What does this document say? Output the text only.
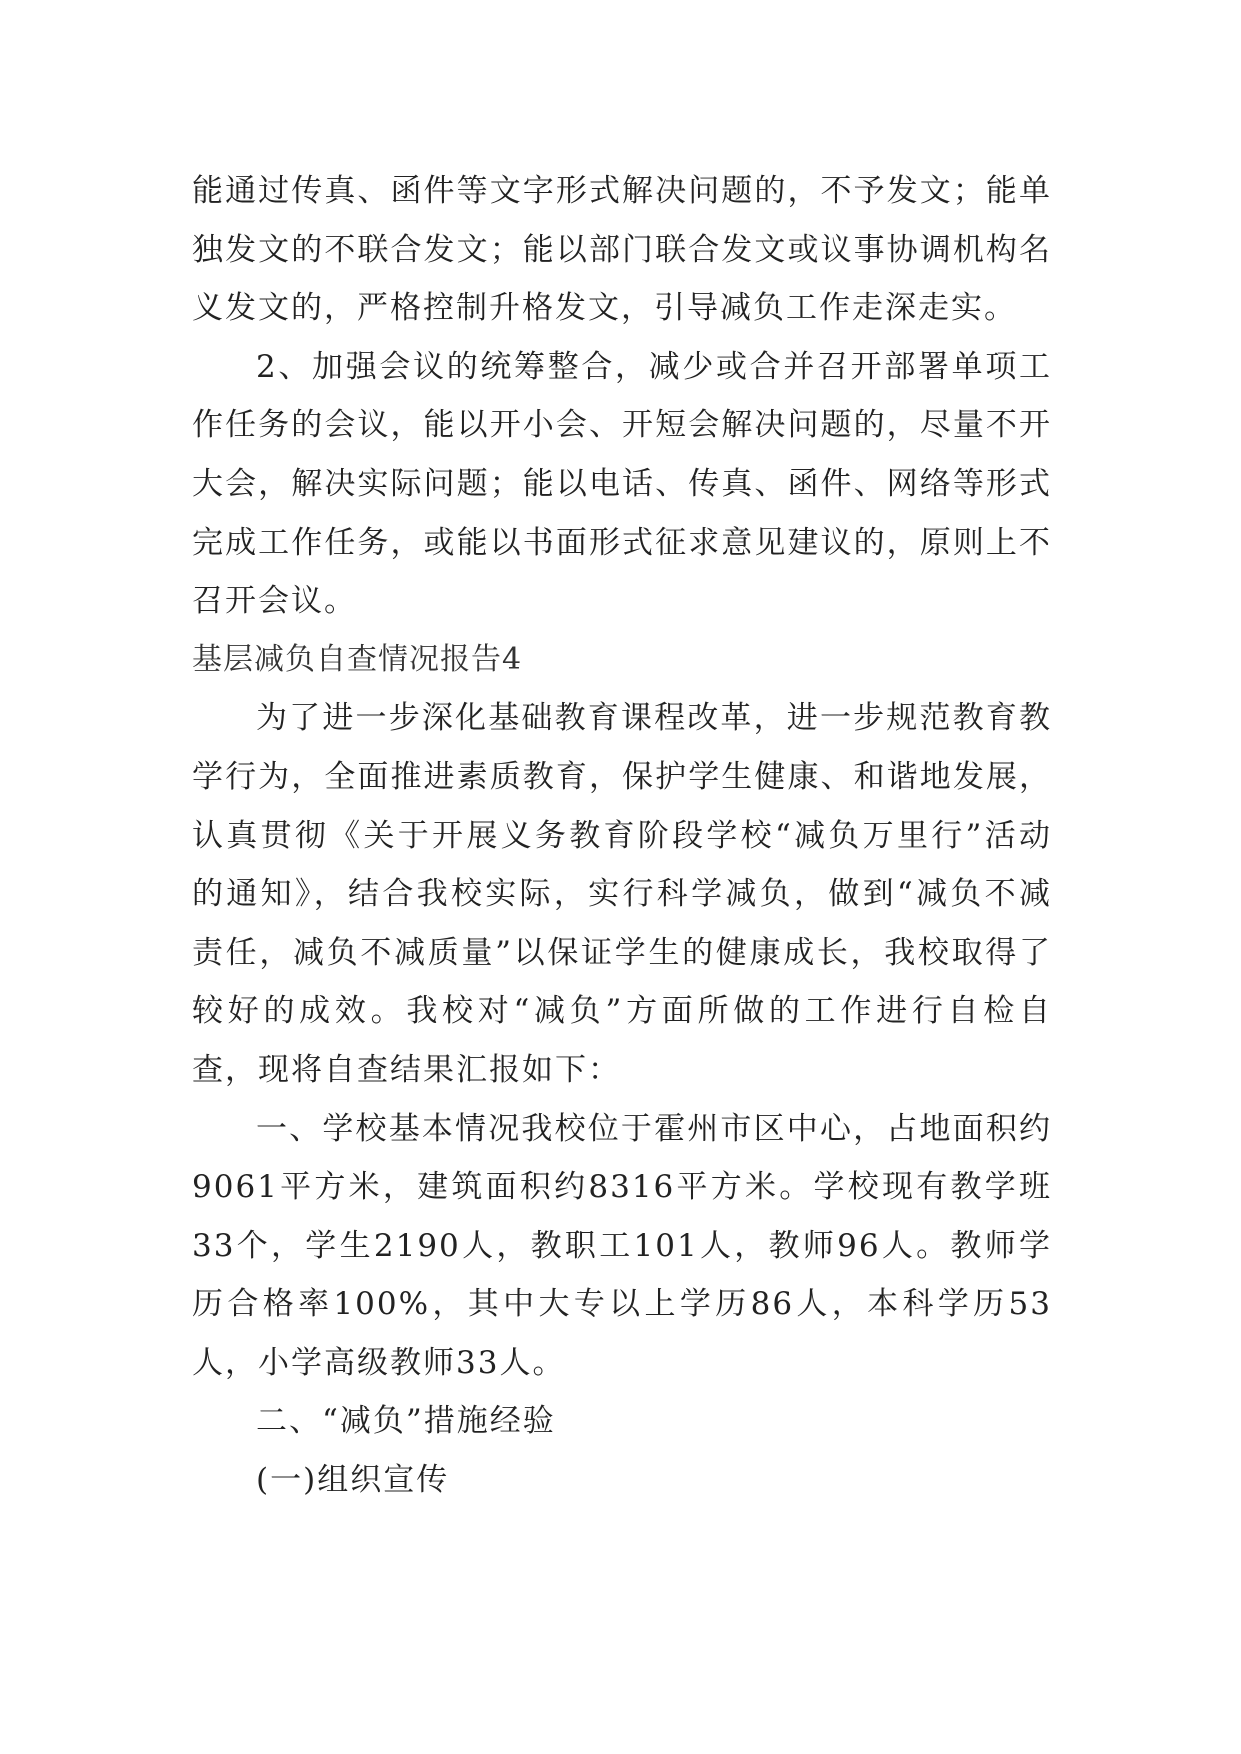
能通过传真、函件等文字形式解决问题的，不予发文；能单独发文的不联合发文；能以部门联合发文或议事协调机构名义发文的，严格控制升格发文，引导减负工作走深走实。

2、加强会议的统筹整合，减少或合并召开部署单项工作任务的会议，能以开小会、开短会解决问题的，尽量不开大会，解决实际问题；能以电话、传真、函件、网络等形式完成工作任务，或能以书面形式征求意见建议的，原则上不召开会议。

基层减负自查情况报告4

为了进一步深化基础教育课程改革，进一步规范教育教学行为，全面推进素质教育，保护学生健康、和谐地发展，认真贯彻《关于开展义务教育阶段学校“减负万里行”活动的通知》，结合我校实际，实行科学减负，做到“减负不减责任，减负不减质量”以保证学生的健康成长，我校取得了较好的成效。我校对“减负”方面所做的工作进行自检自查，现将自查结果汇报如下：

一、学校基本情况我校位于霍州市区中心，占地面积约9061平方米，建筑面积约8316平方米。学校现有教学班33个，学生2190人，教职工101人，教师96人。教师学历合格率100%，其中大专以上学历86人，本科学历53人，小学高级教师33人。

二、“减负”措施经验

(一)组织宣传
